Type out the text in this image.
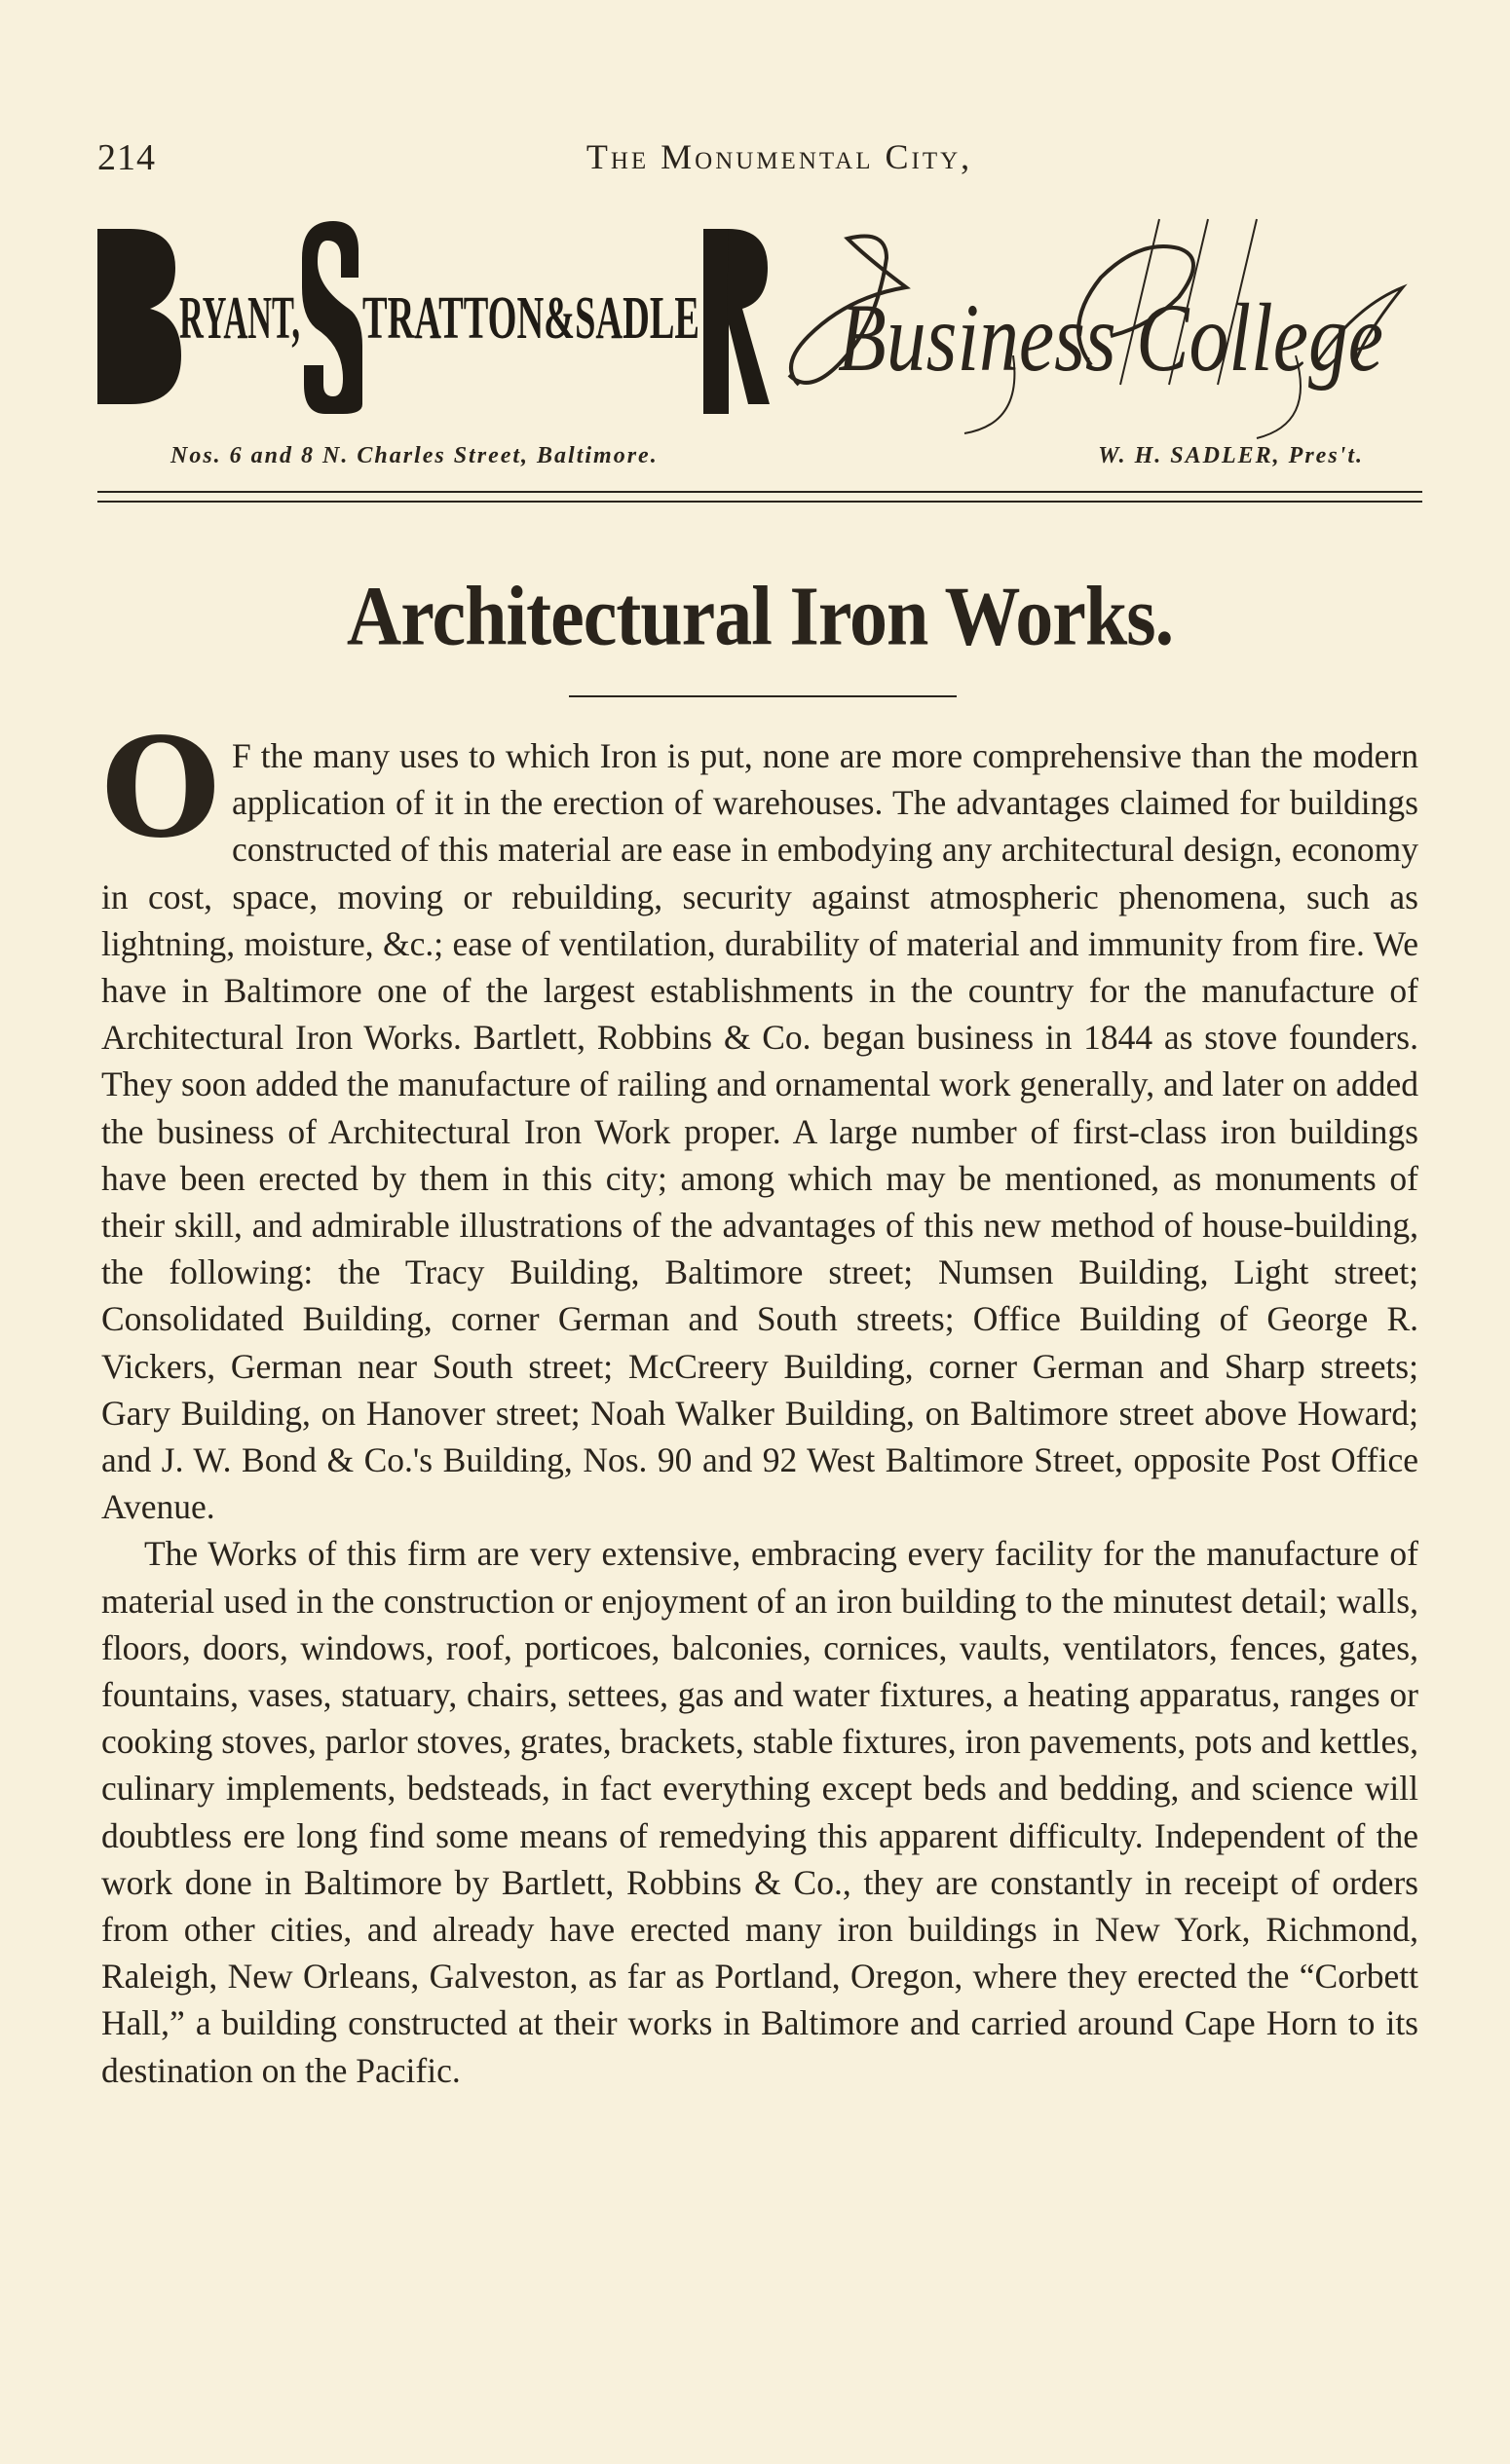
214	The Monumental City,
RYANT, TRATTON&SADLE Business College
Nos. 6 and 8 N. Charles Street, Baltimore.	W. H. SADLER, Pres't.
Architectural Iron Works.

O F the many uses to which Iron is put, none are more comprehensive than the modern application of it in the erection of warehouses. The advantages claimed for buildings constructed of this material are ease in embodying any architectural design, economy in cost, space, moving or rebuilding, security against atmospheric phenomena, such as lightning, moisture, &c.; ease of ventilation, durability of material and immunity from fire. We have in Baltimore one of the largest establishments in the country for the manufacture of Architectural Iron Works. Bartlett, Robbins & Co. began business in 1844 as stove founders. They soon added the manufacture of railing and ornamental work generally, and later on added the business of Architectural Iron Work proper. A large number of first-class iron buildings have been erected by them in this city; among which may be mentioned, as monuments of their skill, and admirable illustrations of the advantages of this new method of house-building, the following: the Tracy Building, Baltimore street; Numsen Building, Light street; Consolidated Building, corner German and South streets; Office Building of George R. Vickers, German near South street; McCreery Building, corner German and Sharp streets; Gary Building, on Hanover street; Noah Walker Building, on Baltimore street above Howard; and J. W. Bond & Co.'s Building, Nos. 90 and 92 West Baltimore Street, opposite Post Office Avenue.

The Works of this firm are very extensive, embracing every facility for the manufacture of material used in the construction or enjoyment of an iron building to the minutest detail; walls, floors, doors, windows, roof, porticoes, balconies, cornices, vaults, ventilators, fences, gates, fountains, vases, statuary, chairs, settees, gas and water fixtures, a heating apparatus, ranges or cooking stoves, parlor stoves, grates, brackets, stable fixtures, iron pavements, pots and kettles, culinary implements, bedsteads, in fact everything except beds and bedding, and science will doubtless ere long find some means of remedying this apparent difficulty. Independent of the work done in Baltimore by Bartlett, Robbins & Co., they are constantly in receipt of orders from other cities, and already have erected many iron buildings in New York, Richmond, Raleigh, New Orleans, Galveston, as far as Portland, Oregon, where they erected the “Corbett Hall,” a building constructed at their works in Baltimore and carried around Cape Horn to its destination on the Pacific.
